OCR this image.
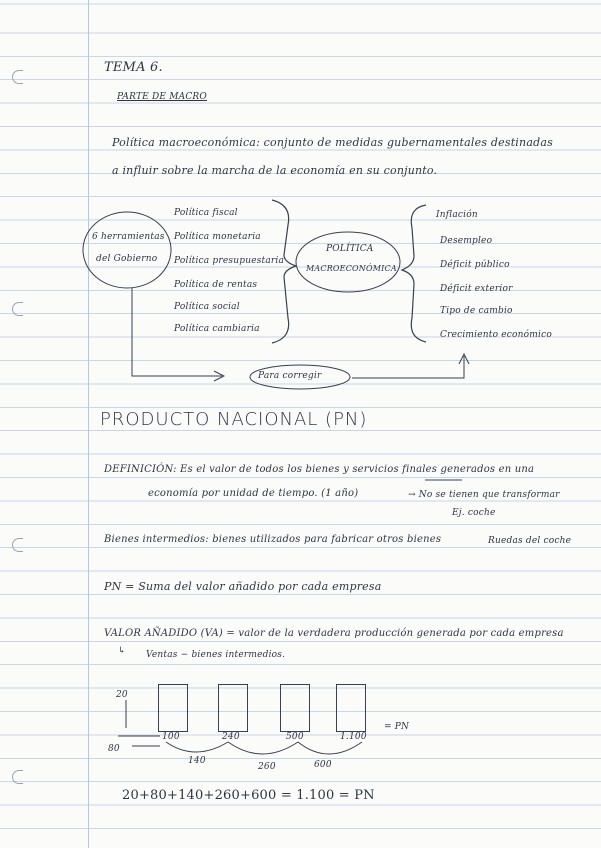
TEMA 6.
PARTE DE MACRO
Política macroeconómica: conjunto de medidas gubernamentales destinadas
a influir sobre la marcha de la economía en su conjunto.
6 herramientas
del Gobierno
Política fiscal
Política monetaria
Política presupuestaria
Política de rentas
Política social
Política cambiaria
POLÍTICA
MACROECONÓMICA
Inflación
Desempleo
Déficit público
Déficit exterior
Tipo de cambio
Crecimiento económico
Para corregir
PRODUCTO NACIONAL (PN)
DEFINICIÓN: Es el valor de todos los bienes y servicios finales generados en una
economía por unidad de tiempo. (1 año)	→ No se tienen que transformar
Ej. coche
Bienes intermedios: bienes utilizados para fabricar otros bienes	Ruedas del coche
PN = Suma del valor añadido por cada empresa
VALOR AÑADIDO (VA) = valor de la verdadera producción generada por cada empresa
↳ Ventas − bienes intermedios.
20
80
100	240	500	1.100
140
260	600
= PN
20+80+140+260+600 = 1.100 = PN
